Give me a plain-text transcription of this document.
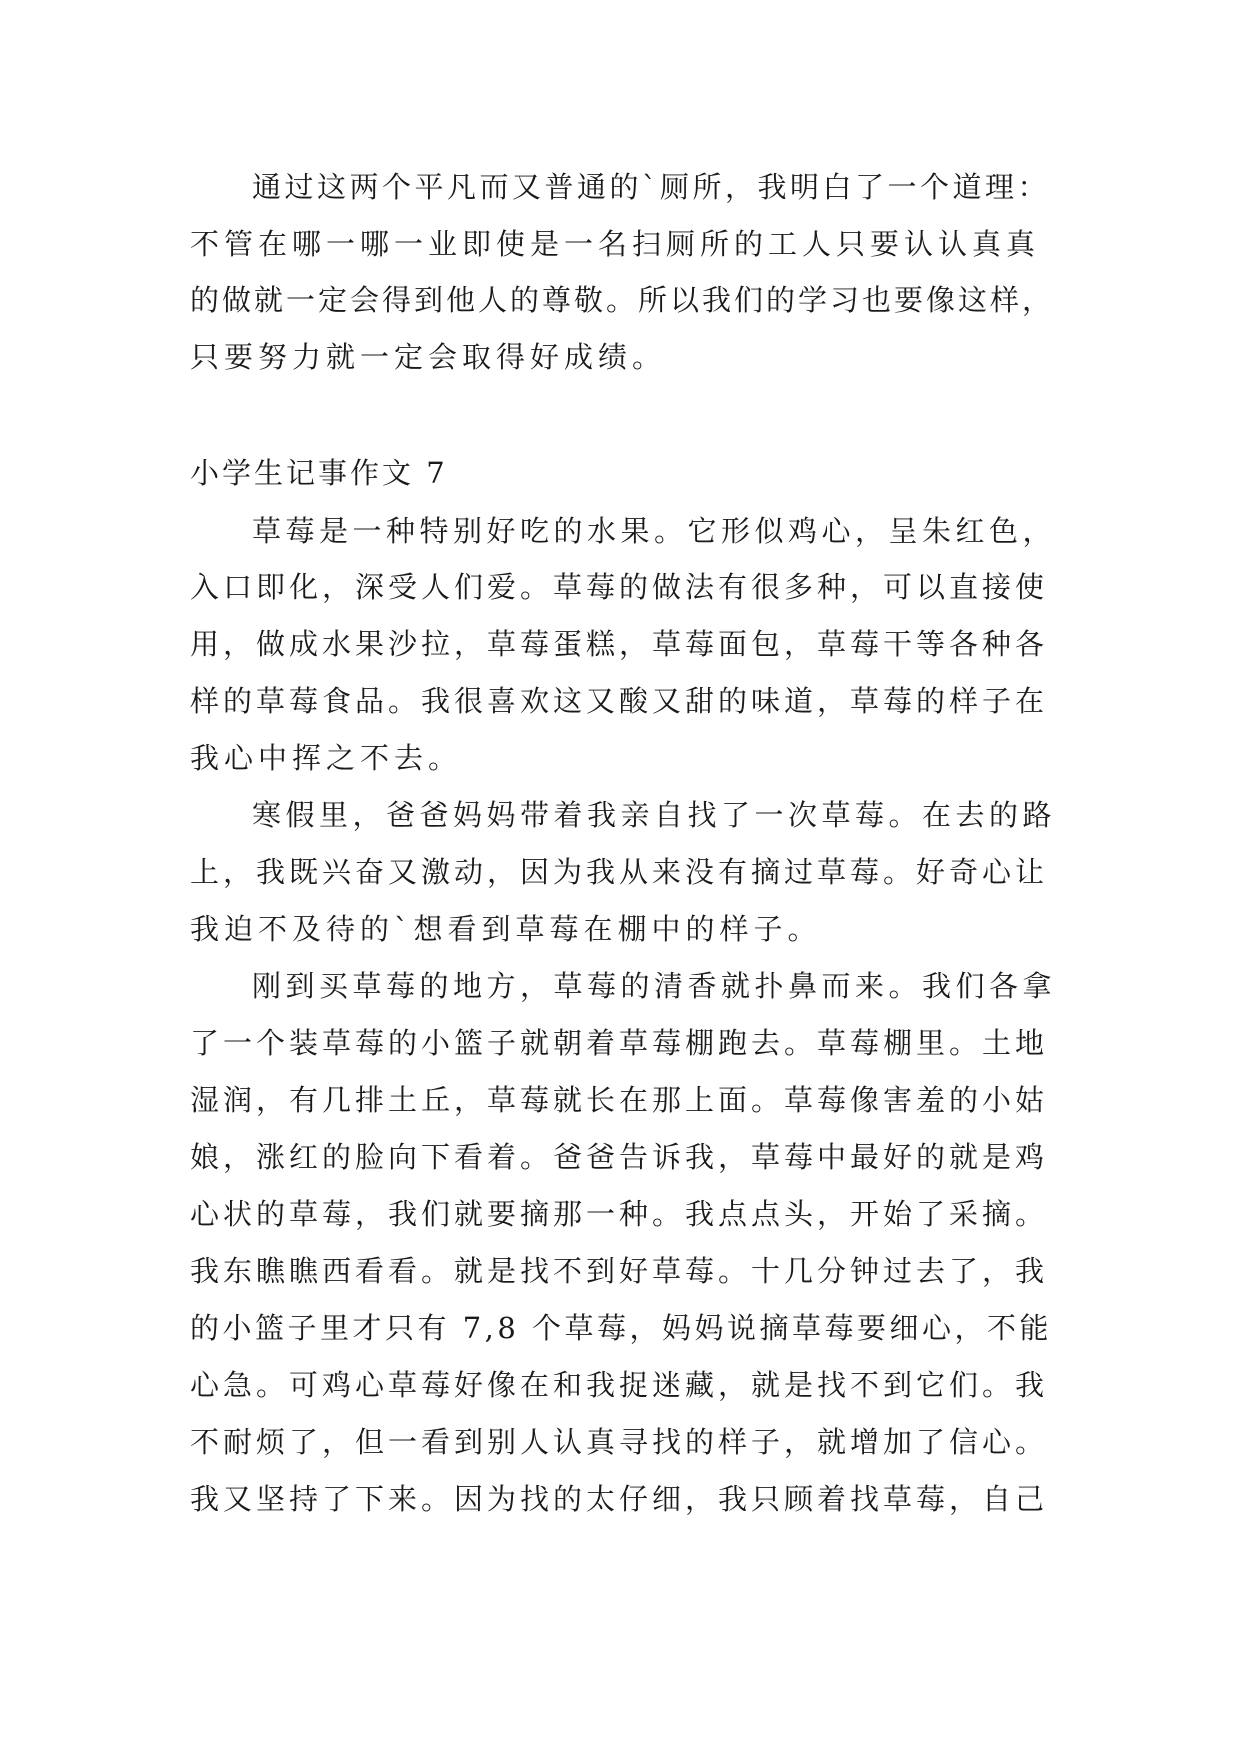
通过这两个平凡而又普通的`厕所，我明白了一个道理：
不管在哪一哪一业即使是一名扫厕所的工人只要认认真真
的做就一定会得到他人的尊敬。所以我们的学习也要像这样，
只要努力就一定会取得好成绩。
小学生记事作文 7
草莓是一种特别好吃的水果。它形似鸡心，呈朱红色，
入口即化，深受人们爱。草莓的做法有很多种，可以直接使
用，做成水果沙拉，草莓蛋糕，草莓面包，草莓干等各种各
样的草莓食品。我很喜欢这又酸又甜的味道，草莓的样子在
我心中挥之不去。
寒假里，爸爸妈妈带着我亲自找了一次草莓。在去的路
上，我既兴奋又激动，因为我从来没有摘过草莓。好奇心让
我迫不及待的`想看到草莓在棚中的样子。
刚到买草莓的地方，草莓的清香就扑鼻而来。我们各拿
了一个装草莓的小篮子就朝着草莓棚跑去。草莓棚里。土地
湿润，有几排土丘，草莓就长在那上面。草莓像害羞的小姑
娘，涨红的脸向下看着。爸爸告诉我，草莓中最好的就是鸡
心状的草莓，我们就要摘那一种。我点点头，开始了采摘。
我东瞧瞧西看看。就是找不到好草莓。十几分钟过去了，我
的小篮子里才只有 7,8 个草莓，妈妈说摘草莓要细心，不能
心急。可鸡心草莓好像在和我捉迷藏，就是找不到它们。我
不耐烦了，但一看到别人认真寻找的样子，就增加了信心。
我又坚持了下来。因为找的太仔细，我只顾着找草莓，自己
